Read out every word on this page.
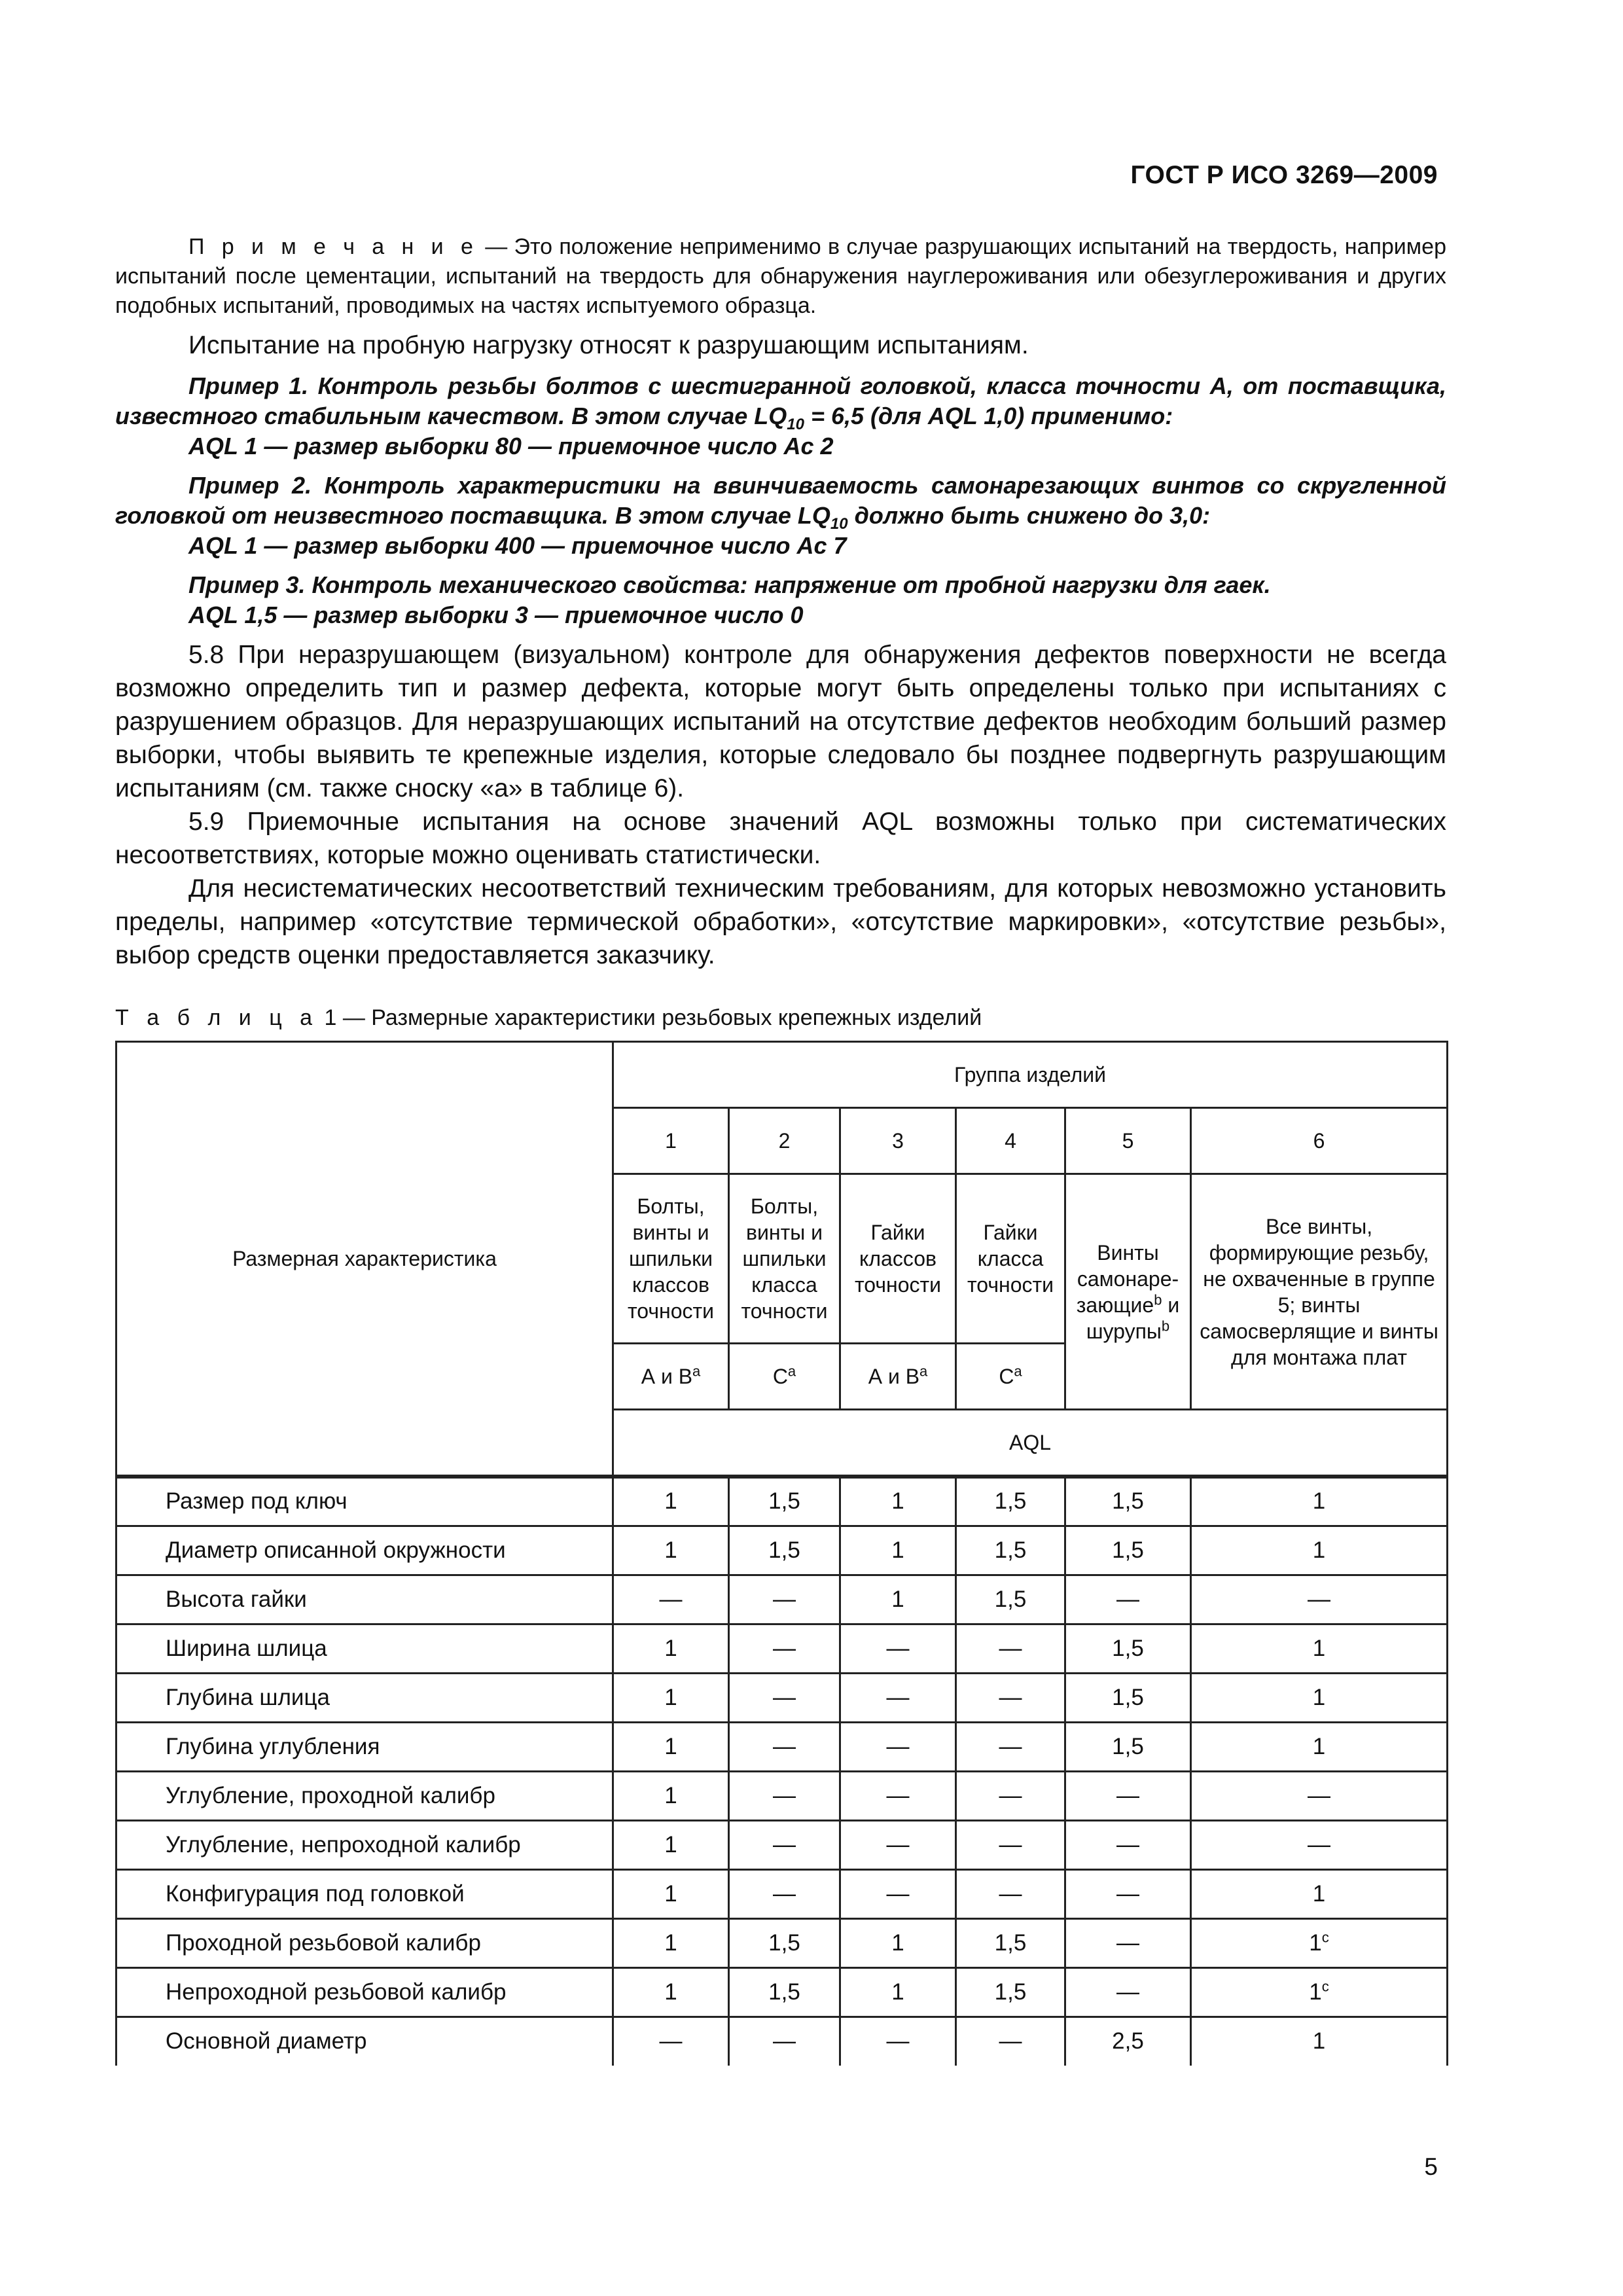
ГОСТ Р ИСО 3269—2009

П р и м е ч а н и е — Это положение неприменимо в случае разрушающих испытаний на твердость, например испытаний после цементации, испытаний на твердость для обнаружения науглероживания или обезуглероживания и других подобных испытаний, проводимых на частях испытуемого образца.

Испытание на пробную нагрузку относят к разрушающим испытаниям.

Пример 1. Контроль резьбы болтов с шестигранной головкой, класса точности А, от поставщика, известного стабильным качеством. В этом случае $LQ_{10} = 6,5$ (для AQL 1,0) применимо:

AQL 1 — размер выборки 80 — приемочное число Ac 2

Пример 2. Контроль характеристики на ввинчиваемость самонарезающих винтов со скругленной головкой от неизвестного поставщика. В этом случае $LQ_{10}$ должно быть снижено до 3,0:

AQL 1 — размер выборки 400 — приемочное число Ac 7

Пример 3. Контроль механического свойства: напряжение от пробной нагрузки для гаек.

AQL 1,5 — размер выборки 3 — приемочное число 0

5.8 При неразрушающем (визуальном) контроле для обнаружения дефектов поверхности не всегда возможно определить тип и размер дефекта, которые могут быть определены только при испытаниях с разрушением образцов. Для неразрушающих испытаний на отсутствие дефектов необходим больший размер выборки, чтобы выявить те крепежные изделия, которые следовало бы позднее подвергнуть разрушающим испытаниям (см. также сноску «а» в таблице 6).

5.9 Приемочные испытания на основе значений AQL возможны только при систематических несоответствиях, которые можно оценивать статистически.

Для несистематических несоответствий техническим требованиям, для которых невозможно установить пределы, например «отсутствие термической обработки», «отсутствие маркировки», «отсутствие резьбы», выбор средств оценки предоставляется заказчику.

Т а б л и ц а 1 — Размерные характеристики резьбовых крепежных изделий
Размерная характеристика	Группа изделий					
	1	2	3	4	5	6
	Болты, винты и шпильки классов точности	Болты, винты и шпильки класса точности	Гайки классов точности	Гайки класса точности	Винты самонаре-
зающие$^b$ и
шурупы$^b$	Все винты, формирующие резьбу, не охваченные в группе 5; винты самосверлящие и винты для монтажа плат
	А и $В^a$	$С^a$	А и $В^a$	$С^a$
	AQL					
Размер под ключ	1	1,5	1	1,5	1,5	1
Диаметр описанной окружности	1	1,5	1	1,5	1,5	1
Высота гайки	—	—	1	1,5	—	—
Ширина шлица	1	—	—	—	1,5	1
Глубина шлица	1	—	—	—	1,5	1
Глубина углубления	1	—	—	—	1,5	1
Углубление, проходной калибр	1	—	—	—	—	—
Углубление, непроходной калибр	1	—	—	—	—	—
Конфигурация под головкой	1	—	—	—	—	1
Проходной резьбовой калибр	1	1,5	1	1,5	—	1$^c$
Непроходной резьбовой калибр	1	1,5	1	1,5	—	1$^c$
Основной диаметр	—	—	—	—	2,5	1
5
